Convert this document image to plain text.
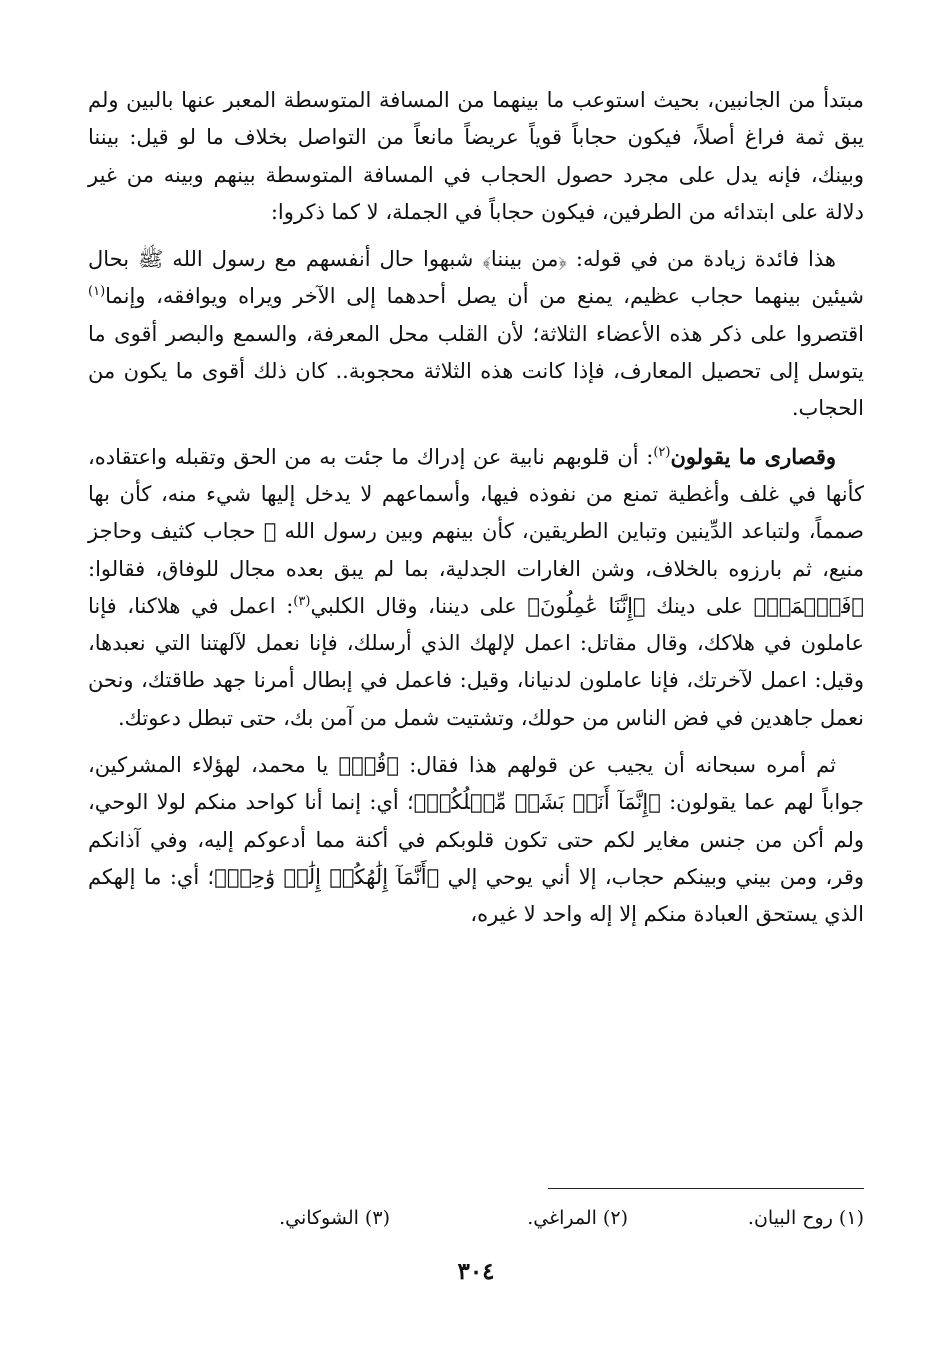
مبتدأ من الجانبين، بحيث استوعب ما بينهما من المسافة المتوسطة المعبر عنها بالبين ولم يبق ثمة فراغ أصلاً، فيكون حجاباً قوياً عريضاً مانعاً من التواصل بخلاف ما لو قيل: بيننا وبينك، فإنه يدل على مجرد حصول الحجاب في المسافة المتوسطة بينهم وبينه من غير دلالة على ابتدائه من الطرفين، فيكون حجاباً في الجملة، لا كما ذكروا:

هذا فائدة زيادة من في قوله: ﴿من بيننا﴾ شبهوا حال أنفسهم مع رسول الله ﷺ بحال شيئين بينهما حجاب عظيم، يمنع من أن يصل أحدهما إلى الآخر ويراه ويوافقه، وإنما$^{(١)}$ اقتصروا على ذكر هذه الأعضاء الثلاثة؛ لأن القلب محل المعرفة، والسمع والبصر أقوى ما يتوسل إلى تحصيل المعارف، فإذا كانت هذه الثلاثة محجوبة.. كان ذلك أقوى ما يكون من الحجاب.

وقصارى ما يقولون$^{(٢)}$: أن قلوبهم نابية عن إدراك ما جئت به من الحق وتقبله واعتقاده، كأنها في غلف وأغطية تمنع من نفوذه فيها، وأسماعهم لا يدخل إليها شيء منه، كأن بها صمماً، ولتباعد الدِّينين وتباين الطريقين، كأن بينهم وبين رسول الله ﷺ حجاب كثيف وحاجز منيع، ثم بارزوه بالخلاف، وشن الغارات الجدلية، بما لم يبق بعده مجال للوفاق، فقالوا: ﴿فَٱعۡمَلۡ﴾ على دينك ﴿إِنَّنَا عَٰمِلُونَ﴾ على ديننا، وقال الكلبي$^{(٣)}$: اعمل في هلاكنا، فإنا عاملون في هلاكك، وقال مقاتل: اعمل لإلهك الذي أرسلك، فإنا نعمل لآلهتنا التي نعبدها، وقيل: اعمل لآخرتك، فإنا عاملون لدنيانا، وقيل: فاعمل في إبطال أمرنا جهد طاقتك، ونحن نعمل جاهدين في فض الناس من حولك، وتشتيت شمل من آمن بك، حتى تبطل دعوتك.

ثم أمره سبحانه أن يجيب عن قولهم هذا فقال: ﴿قُلۡ﴾ يا محمد، لهؤلاء المشركين، جواباً لهم عما يقولون: ﴿إِنَّمَآ أَنَا۠ بَشَرٞ مِّثۡلُكُمۡ﴾؛ أي: إنما أنا كواحد منكم لولا الوحي، ولم أكن من جنس مغاير لكم حتى تكون قلوبكم في أكنة مما أدعوكم إليه، وفي آذانكم وقر، ومن بيني وبينكم حجاب، إلا أني يوحي إلي ﴿أَنَّمَآ إِلَٰهُكُمۡ إِلَٰهٞ وَٰحِدٞ﴾؛ أي: ما إلهكم الذي يستحق العبادة منكم إلا إله واحد لا غيره،

(١) روح البيان.
(٢) المراغي.
(٣) الشوكاني.
٣٠٤
